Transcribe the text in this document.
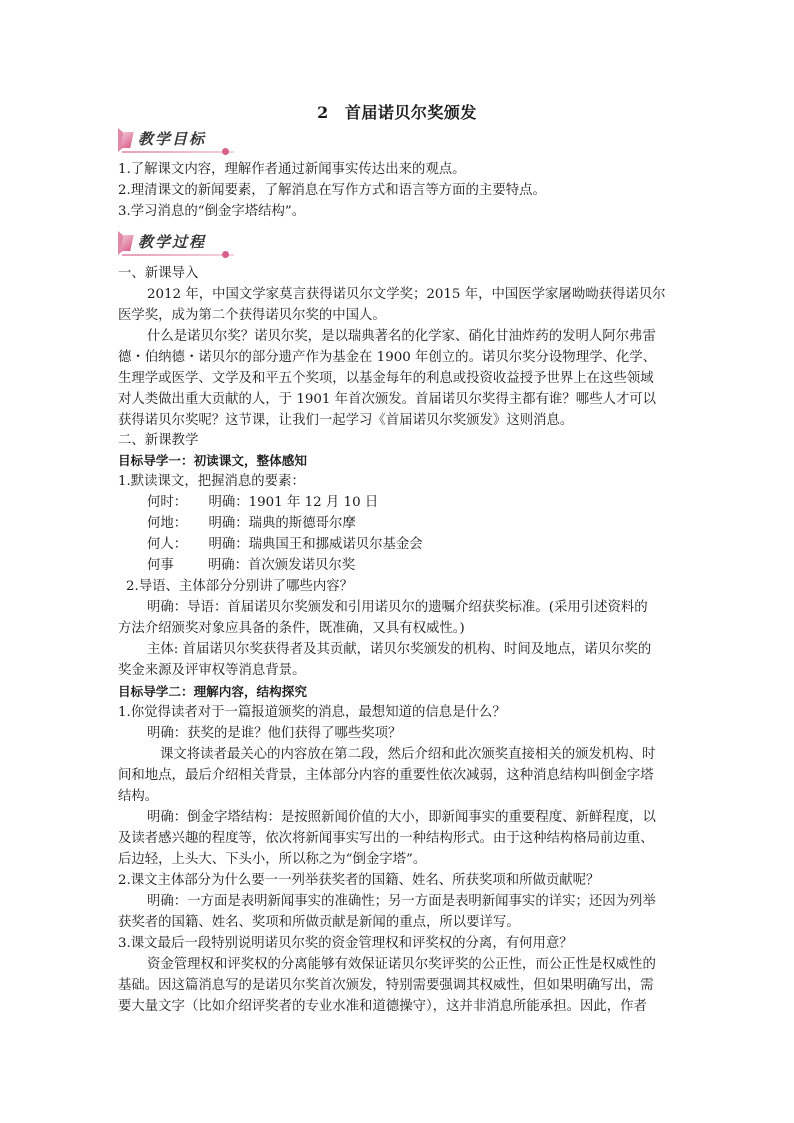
2 首届诺贝尔奖颁发
教学目标
1.了解课文内容，理解作者通过新闻事实传达出来的观点。
2.理清课文的新闻要素，了解消息在写作方式和语言等方面的主要特点。
3.学习消息的“倒金字塔结构”。
教学过程
一、新课导入
2012 年，中国文学家莫言获得诺贝尔文学奖；2015 年，中国医学家屠呦呦获得诺贝尔
医学奖，成为第二个获得诺贝尔奖的中国人。
什么是诺贝尔奖？诺贝尔奖，是以瑞典著名的化学家、硝化甘油炸药的发明人阿尔弗雷
德・伯纳德・诺贝尔的部分遗产作为基金在 1900 年创立的。诺贝尔奖分设物理学、化学、
生理学或医学、文学及和平五个奖项，以基金每年的利息或投资收益授予世界上在这些领域
对人类做出重大贡献的人，于 1901 年首次颁发。首届诺贝尔奖得主都有谁？哪些人才可以
获得诺贝尔奖呢？这节课，让我们一起学习《首届诺贝尔奖颁发》这则消息。
二、新课教学
目标导学一：初读课文，整体感知
1.默读课文，把握消息的要素：
何时：     明确：1901 年 12 月 10 日
何地：     明确：瑞典的斯德哥尔摩
何人：     明确：瑞典国王和挪威诺贝尔基金会
何事        明确：首次颁发诺贝尔奖
2.导语、主体部分分别讲了哪些内容？
明确：导语：首届诺贝尔奖颁发和引用诺贝尔的遗嘱介绍获奖标准。(采用引述资料的
方法介绍颁奖对象应具备的条件，既准确，又具有权威性。)
主体: 首届诺贝尔奖获得者及其贡献，诺贝尔奖颁发的机构、时间及地点，诺贝尔奖的
奖金来源及评审权等消息背景。
目标导学二：理解内容，结构探究
1.你觉得读者对于一篇报道颁奖的消息，最想知道的信息是什么？
明确：获奖的是谁？他们获得了哪些奖项？
课文将读者最关心的内容放在第二段，然后介绍和此次颁奖直接相关的颁发机构、时
间和地点，最后介绍相关背景，主体部分内容的重要性依次减弱，这种消息结构叫倒金字塔
结构。
明确：倒金字塔结构：是按照新闻价值的大小，即新闻事实的重要程度、新鲜程度，以
及读者感兴趣的程度等，依次将新闻事实写出的一种结构形式。由于这种结构格局前边重、
后边轻，上头大、下头小，所以称之为“倒金字塔”。
2.课文主体部分为什么要一一列举获奖者的国籍、姓名、所获奖项和所做贡献呢？
明确：一方面是表明新闻事实的准确性；另一方面是表明新闻事实的详实；还因为列举
获奖者的国籍、姓名、奖项和所做贡献是新闻的重点，所以要详写。
3.课文最后一段特别说明诺贝尔奖的资金管理权和评奖权的分离，有何用意？
资金管理权和评奖权的分离能够有效保证诺贝尔奖评奖的公正性，而公正性是权威性的
基础。因这篇消息写的是诺贝尔奖首次颁发，特别需要强调其权威性，但如果明确写出，需
要大量文字（比如介绍评奖者的专业水准和道德操守），这并非消息所能承担。因此，作者
